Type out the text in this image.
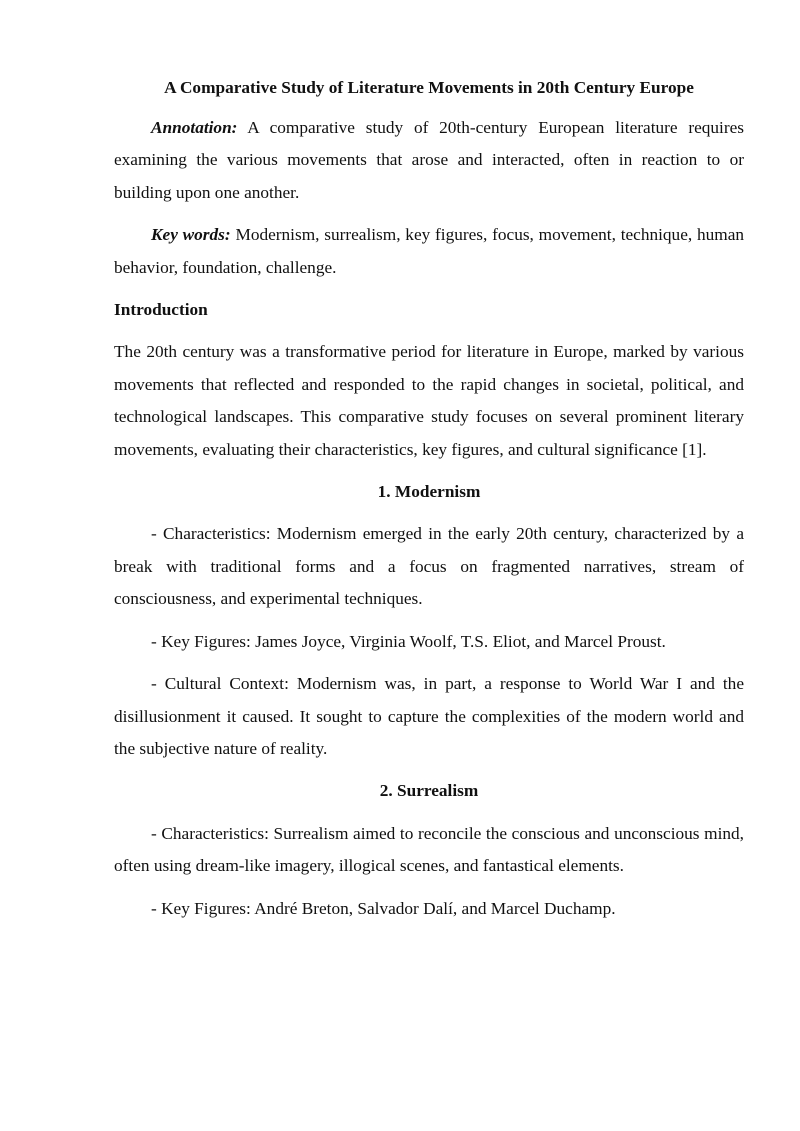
A Comparative Study of Literature Movements in 20th Century Europe

Annotation: A comparative study of 20th-century European literature requires examining the various movements that arose and interacted, often in reaction to or building upon one another.

Key words: Modernism, surrealism, key figures, focus, movement, technique, human behavior, foundation, challenge.

Introduction

The 20th century was a transformative period for literature in Europe, marked by various movements that reflected and responded to the rapid changes in societal, political, and technological landscapes. This comparative study focuses on several prominent literary movements, evaluating their characteristics, key figures, and cultural significance [1].

1. Modernism

- Characteristics: Modernism emerged in the early 20th century, characterized by a break with traditional forms and a focus on fragmented narratives, stream of consciousness, and experimental techniques.

- Key Figures: James Joyce, Virginia Woolf, T.S. Eliot, and Marcel Proust.

- Cultural Context: Modernism was, in part, a response to World War I and the disillusionment it caused. It sought to capture the complexities of the modern world and the subjective nature of reality.

2. Surrealism

- Characteristics: Surrealism aimed to reconcile the conscious and unconscious mind, often using dream-like imagery, illogical scenes, and fantastical elements.

- Key Figures: André Breton, Salvador Dalí, and Marcel Duchamp.
